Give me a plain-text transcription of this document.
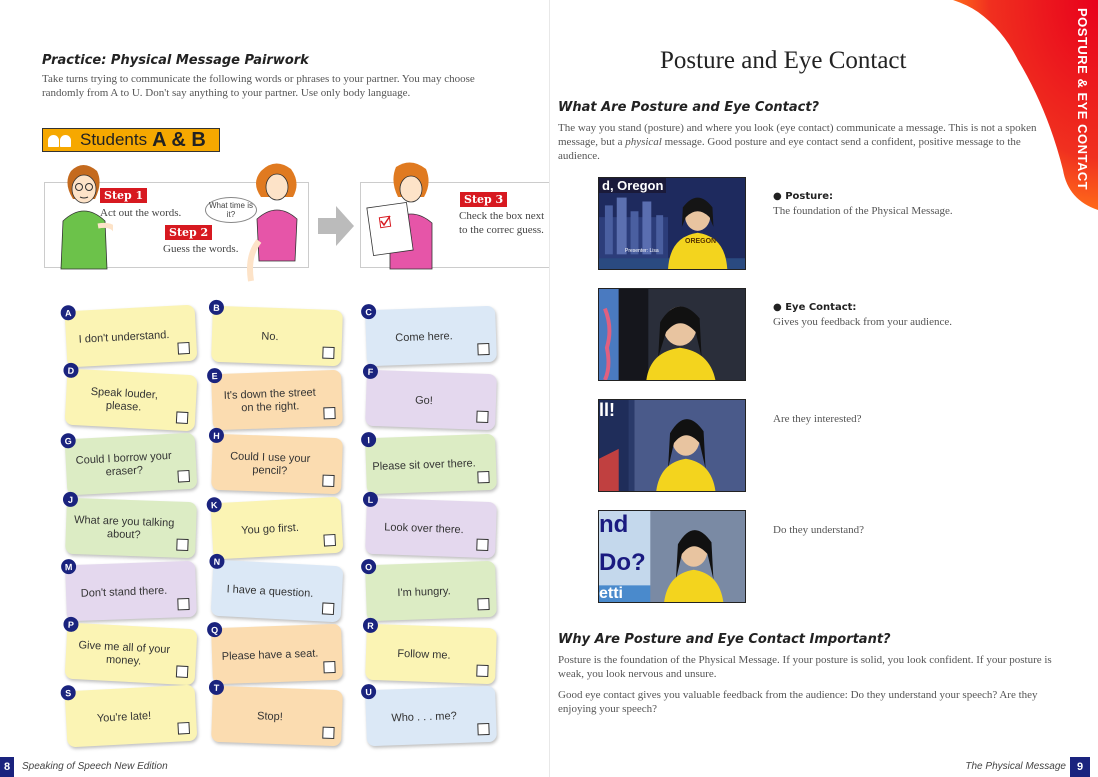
Practice: Physical Message Pairwork
Take turns trying to communicate the following words or phrases to your partner. You may choose randomly from A to U. Don't say anything to your partner. Use only body language.
Students A & B
Step 1
Act out the words.
Step 2
Guess the words.
What time is it?
Step 3
Check the box next to the correc guess.
A
I don't understand.
B
No.
C
Come here.
D
Speak louder, please.
E
It's down the street on the right.
F
Go!
G
Could I borrow your eraser?
H
Could I use your pencil?
I
Please sit over there.
J
What are you talking about?
K
You go first.
L
Look over there.
M
Don't stand there.
N
I have a question.
O
I'm hungry.
P
Give me all of your money.
Q
Please have a seat.
R
Follow me.
S
You're late!
T
Stop!
U
Who . . . me?
8	Speaking of Speech New Edition
POSTURE & EYE CONTACT
Posture and Eye Contact
What Are Posture and Eye Contact?
The way you stand (posture) and where you look (eye contact) communicate a message. This is not a spoken message, but a physical message. Good posture and eye contact send a confident, positive message to the audience.
d, Oregon
Presenter: Lisa
OREGON
● Posture:
The foundation of the Physical Message.
● Eye Contact:
Gives you feedback from your audience.
ll!	Are they interested?
nd
Do?
etti
Do they understand?
Why Are Posture and Eye Contact Important?
Posture is the foundation of the Physical Message. If your posture is solid, you look confident. If your posture is weak, you look nervous and unsure.
Good eye contact gives you valuable feedback from the audience: Do they understand your speech? Are they enjoying your speech?
The Physical Message 9
